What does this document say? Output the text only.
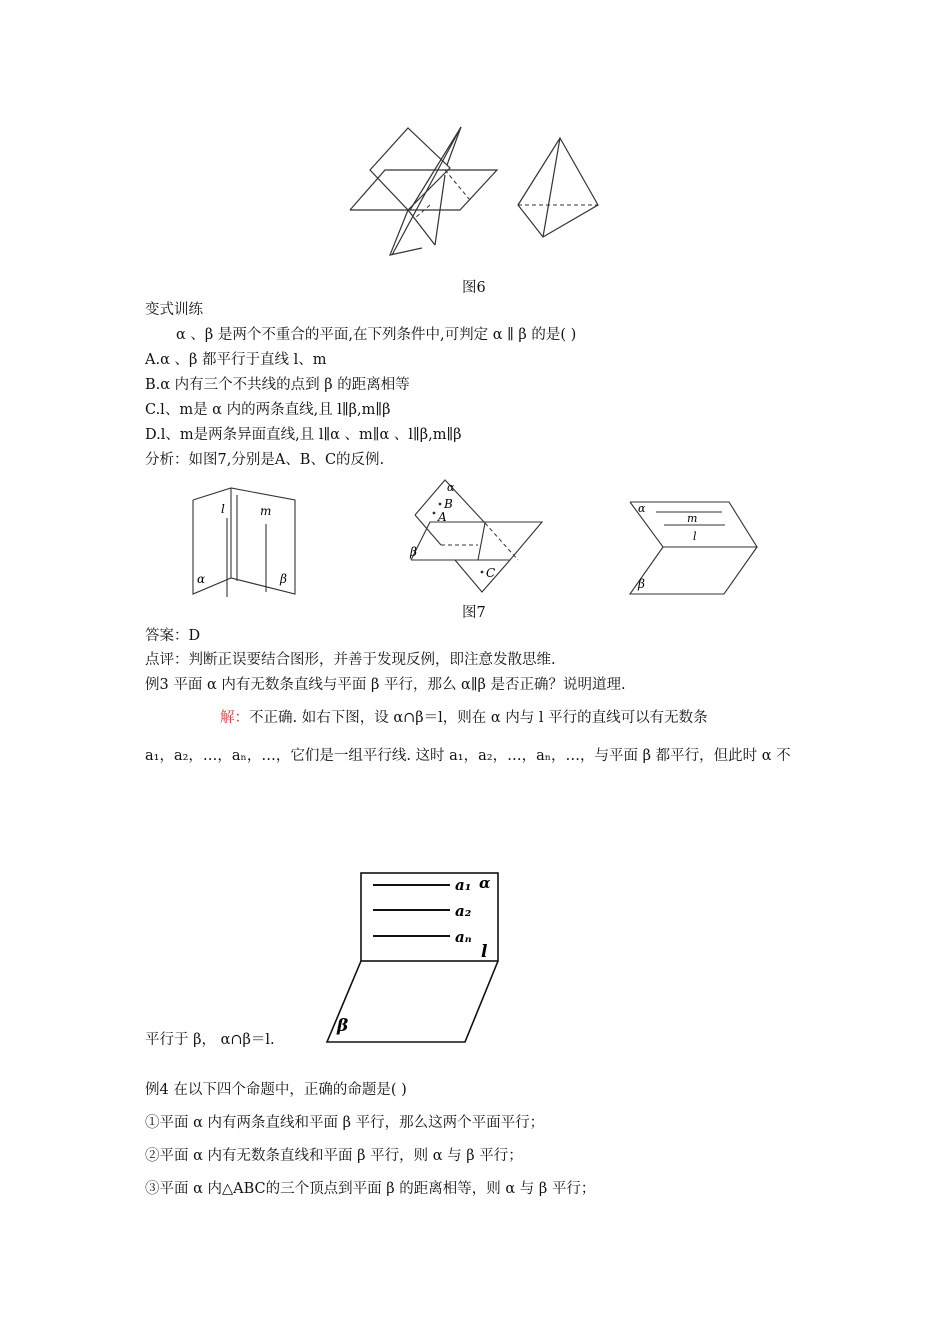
图6
变式训练
α 、β 是两个不重合的平面,在下列条件中,可判定 α ∥ β 的是( )
A.α 、β 都平行于直线 l、m
B.α 内有三个不共线的点到 β 的距离相等
C.l、m是 α 内的两条直线,且 l∥β,m∥β
D.l、m是两条异面直线,且 l∥α 、m∥α 、l∥β,m∥β
分析：如图7,分别是A、B、C的反例.
l	m
α	β
α
B
A
C
β
α
m
l
β
图7
答案：D
点评：判断正误要结合图形，并善于发现反例，即注意发散思维.
例3 平面 α 内有无数条直线与平面 β 平行，那么 α∥β 是否正确？说明道理.
解：不正确. 如右下图，设 α∩β＝l，则在 α 内与 l 平行的直线可以有无数条
a₁，a₂，…，aₙ，…，它们是一组平行线. 这时 a₁，a₂，…，aₙ，…，与平面 β 都平行，但此时 α 不
a₁ α
a₂
aₙ
l
β
平行于 β， α∩β＝l.
例4 在以下四个命题中，正确的命题是( )
①平面 α 内有两条直线和平面 β 平行，那么这两个平面平行；
②平面 α 内有无数条直线和平面 β 平行，则 α 与 β 平行；
③平面 α 内△ABC的三个顶点到平面 β 的距离相等，则 α 与 β 平行；
